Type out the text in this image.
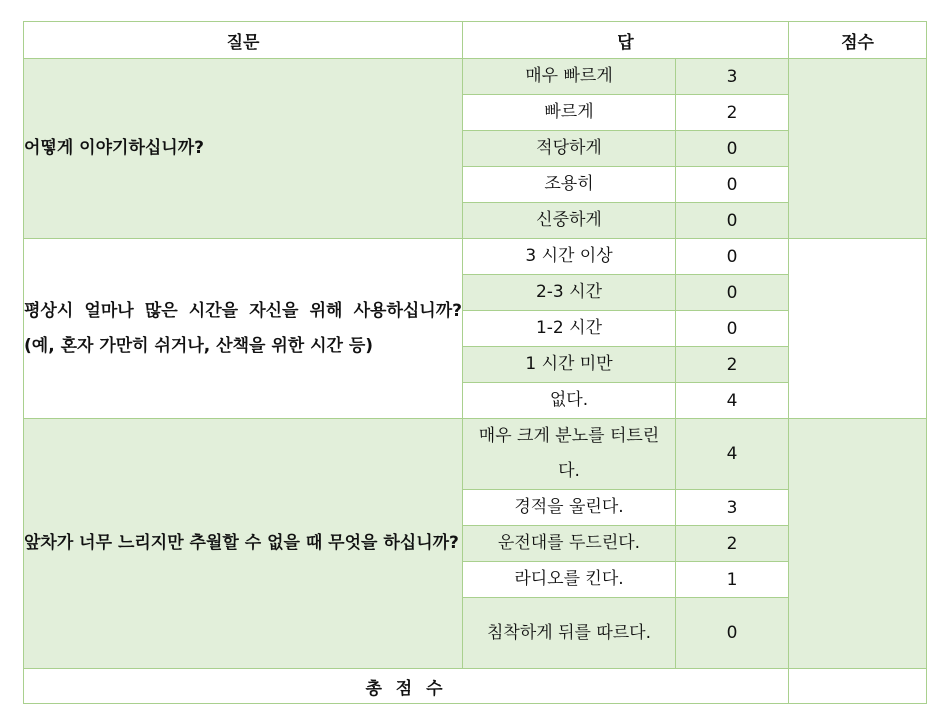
질문	답		점수

어떻게 이야기하십니까?	매우 빠르게	3	
	빠르게	2	
	적당하게	0	
	조용히	0	
	신중하게	0	

평상시 얼마나 많은 시간을 자신을 위해 사용하십니까? (예, 혼자 가만히 쉬거나, 산책을 위한 시간 등)	3 시간 이상	0	
	2-3 시간	0	
	1-2 시간	0	
	1 시간 미만	2	
	없다.	4	

앞차가 너무 느리지만 추월할 수 없을 때 무엇을 하십니까?	매우 크게 분노를 터트린다.	4	
	경적을 울린다.	3	
	운전대를 두드린다.	2	
	라디오를 킨다.	1	
	침착하게 뒤를 따르다.	0	
총 점 수			
